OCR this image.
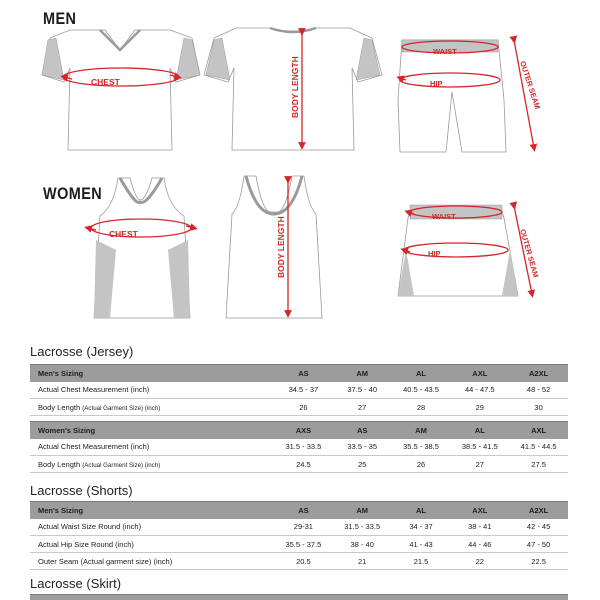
MEN
WOMEN
CHEST	BODY LENGTH
WAIST
HIP	OUTER SEAM
CHEST	BODY LENGTH	WAIST
HIP	OUTER SEAM
Lacrosse (Jersey)
Men's Sizing	AS	AM	AL	AXL	A2XL
Actual Chest Measurement (inch)	34.5 - 37	37.5 - 40	40.5 - 43.5	44 - 47.5	48 - 52
Body Length (Actual Garment Size) (inch)	26	27	28	29	30
Women's Sizing	AXS	AS	AM	AL	AXL
Actual Chest Measurement (inch)	31.5 - 33.5	33.5 - 35	35.5 - 38.5	38.5 - 41.5	41.5 - 44.5
Body Length (Actual Garment Size) (inch)	24.5	25	26	27	27.5
Lacrosse (Shorts)
Men's Sizing	AS	AM	AL	AXL	A2XL
Actual Waist Size Round (inch)	29-31	31.5 - 33.5	34 - 37	38 - 41	42 - 45
Actual Hip Size Round (inch)	35.5 - 37.5	38 - 40	41 - 43	44 - 46	47 - 50
Outer Seam (Actual garment size) (inch)	20.5	21	21.5	22	22.5
Lacrosse (Skirt)
